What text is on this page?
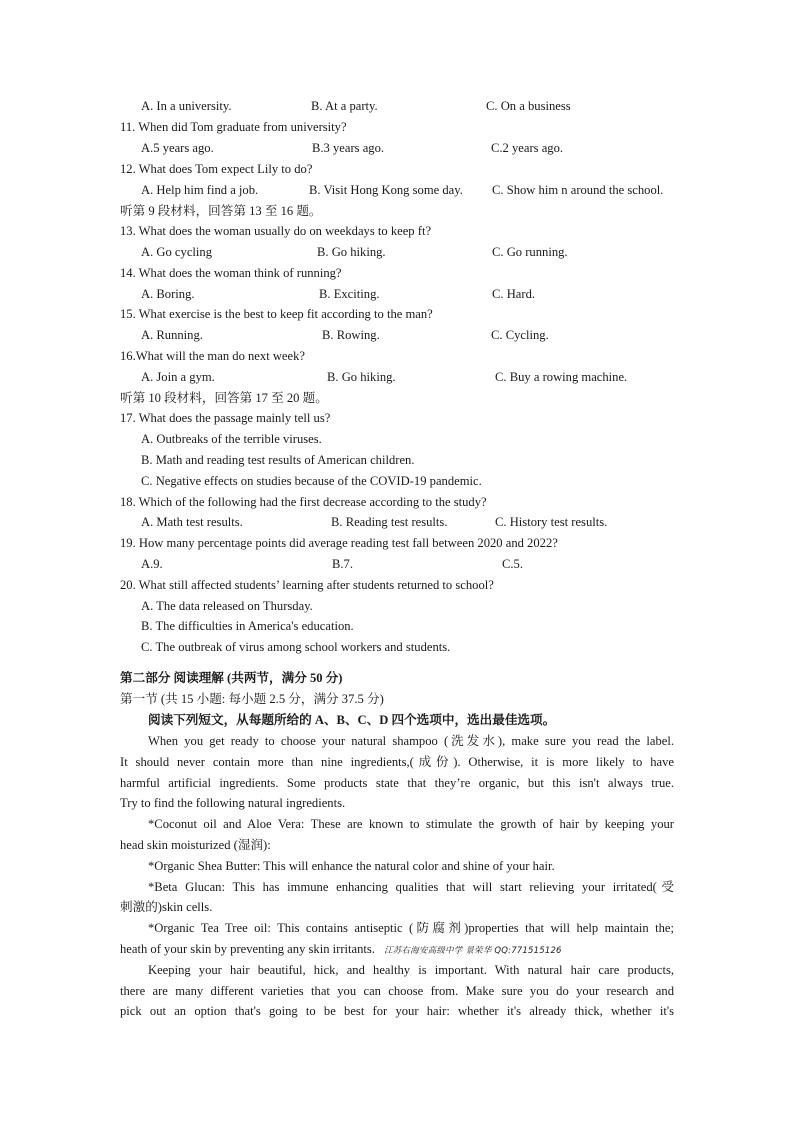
A. In a university.	B. At a party.	C. On a business
11. When did Tom graduate from university?
A.5 years ago.	B.3 years ago.	C.2 years ago.
12. What does Tom expect Lily to do?
A. Help him find a job.	B. Visit Hong Kong some day. C. Show him n around the school.
听第 9 段材料，回答第 13 至 16 题。
13. What does the woman usually do on weekdays to keep ft?
A. Go cycling	B. Go hiking.	C. Go running.
14. What does the woman think of running?
A. Boring.	B. Exciting.	C. Hard.
15. What exercise is the best to keep fit according to the man?
A. Running.	B. Rowing.	C. Cycling.
16.What will the man do next week?
A. Join a gym.	B. Go hiking.	C. Buy a rowing machine.
听第 10 段材料，回答第 17 至 20 题。
17. What does the passage mainly tell us?
A. Outbreaks of the terrible viruses.
B. Math and reading test results of American children.
C. Negative effects on studies because of the COVID-19 pandemic.
18. Which of the following had the first decrease according to the study?
A. Math test results.	B. Reading test results.	C. History test results.
19. How many percentage points did average reading test fall between 2020 and 2022?
A.9.	B.7.	C.5.
20. What still affected students’ learning after students returned to school?
A. The data released on Thursday.
B. The difficulties in America's education.
C. The outbreak of virus among school workers and students.
第二部分 阅读理解 (共两节，满分 50 分)
第一节 (共 15 小题: 每小题 2.5 分，满分 37.5 分)
阅读下列短文，从每题所给的 A、B、C、D 四个选项中，选出最佳选项。
When you get ready to choose your natural shampoo (洗发水), make sure you read the label.
It should never contain more than nine ingredients,(成份). Otherwise, it is more likely to have
harmful artificial ingredients. Some products state that they’re organic, but this isn't always true.
Try to find the following natural ingredients.
*Coconut oil and Aloe Vera: These are known to stimulate the growth of hair by keeping your
head skin moisturized (湿润):
*Organic Shea Butter: This will enhance the natural color and shine of your hair.
*Beta Glucan: This has immune enhancing qualities that will start relieving your irritated(受
刺激的)skin cells.
*Organic Tea Tree oil: This contains antiseptic (防腐剂)properties that will help maintain the;
heath of your skin by preventing any skin irritants. 江苏右海安高级中学 景荣华 QQ:771515126
Keeping your hair beautiful, hick, and healthy is important. With natural hair care products,
there are many different varieties that you can choose from. Make sure you do your research and
pick out an option that's going to be best for your hair: whether it's already thick, whether it's
